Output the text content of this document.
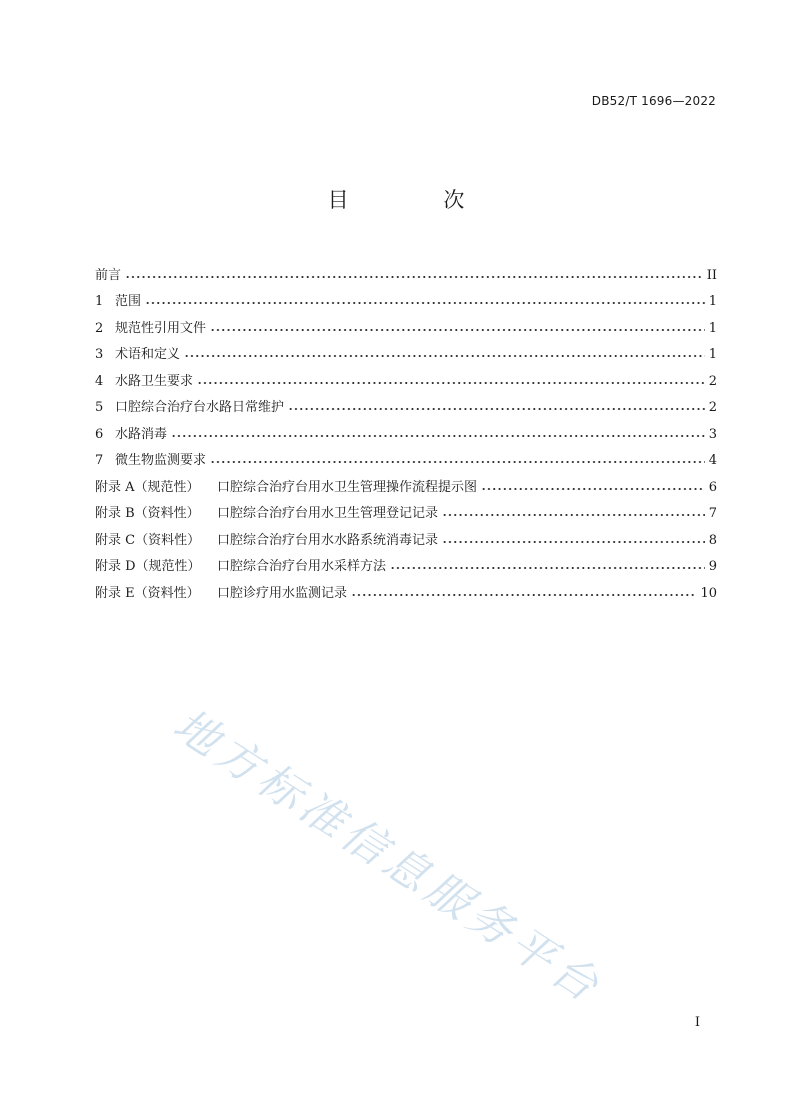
DB52/T 1696—2022
目 次
前言	II
1 范围	1
2 规范性引用文件	1
3 术语和定义	1
4 水路卫生要求	2
5 口腔综合治疗台水路日常维护	2
6 水路消毒	3
7 微生物监测要求	4
附录 A（规范性）	口腔综合治疗台用水卫生管理操作流程提示图	6
附录 B（资料性）	口腔综合治疗台用水卫生管理登记记录	7
附录 C（资料性）	口腔综合治疗台用水水路系统消毒记录	8
附录 D（规范性）	口腔综合治疗台用水采样方法	9
附录 E（资料性）	口腔诊疗用水监测记录	10
地方标准信息服务平台
I
